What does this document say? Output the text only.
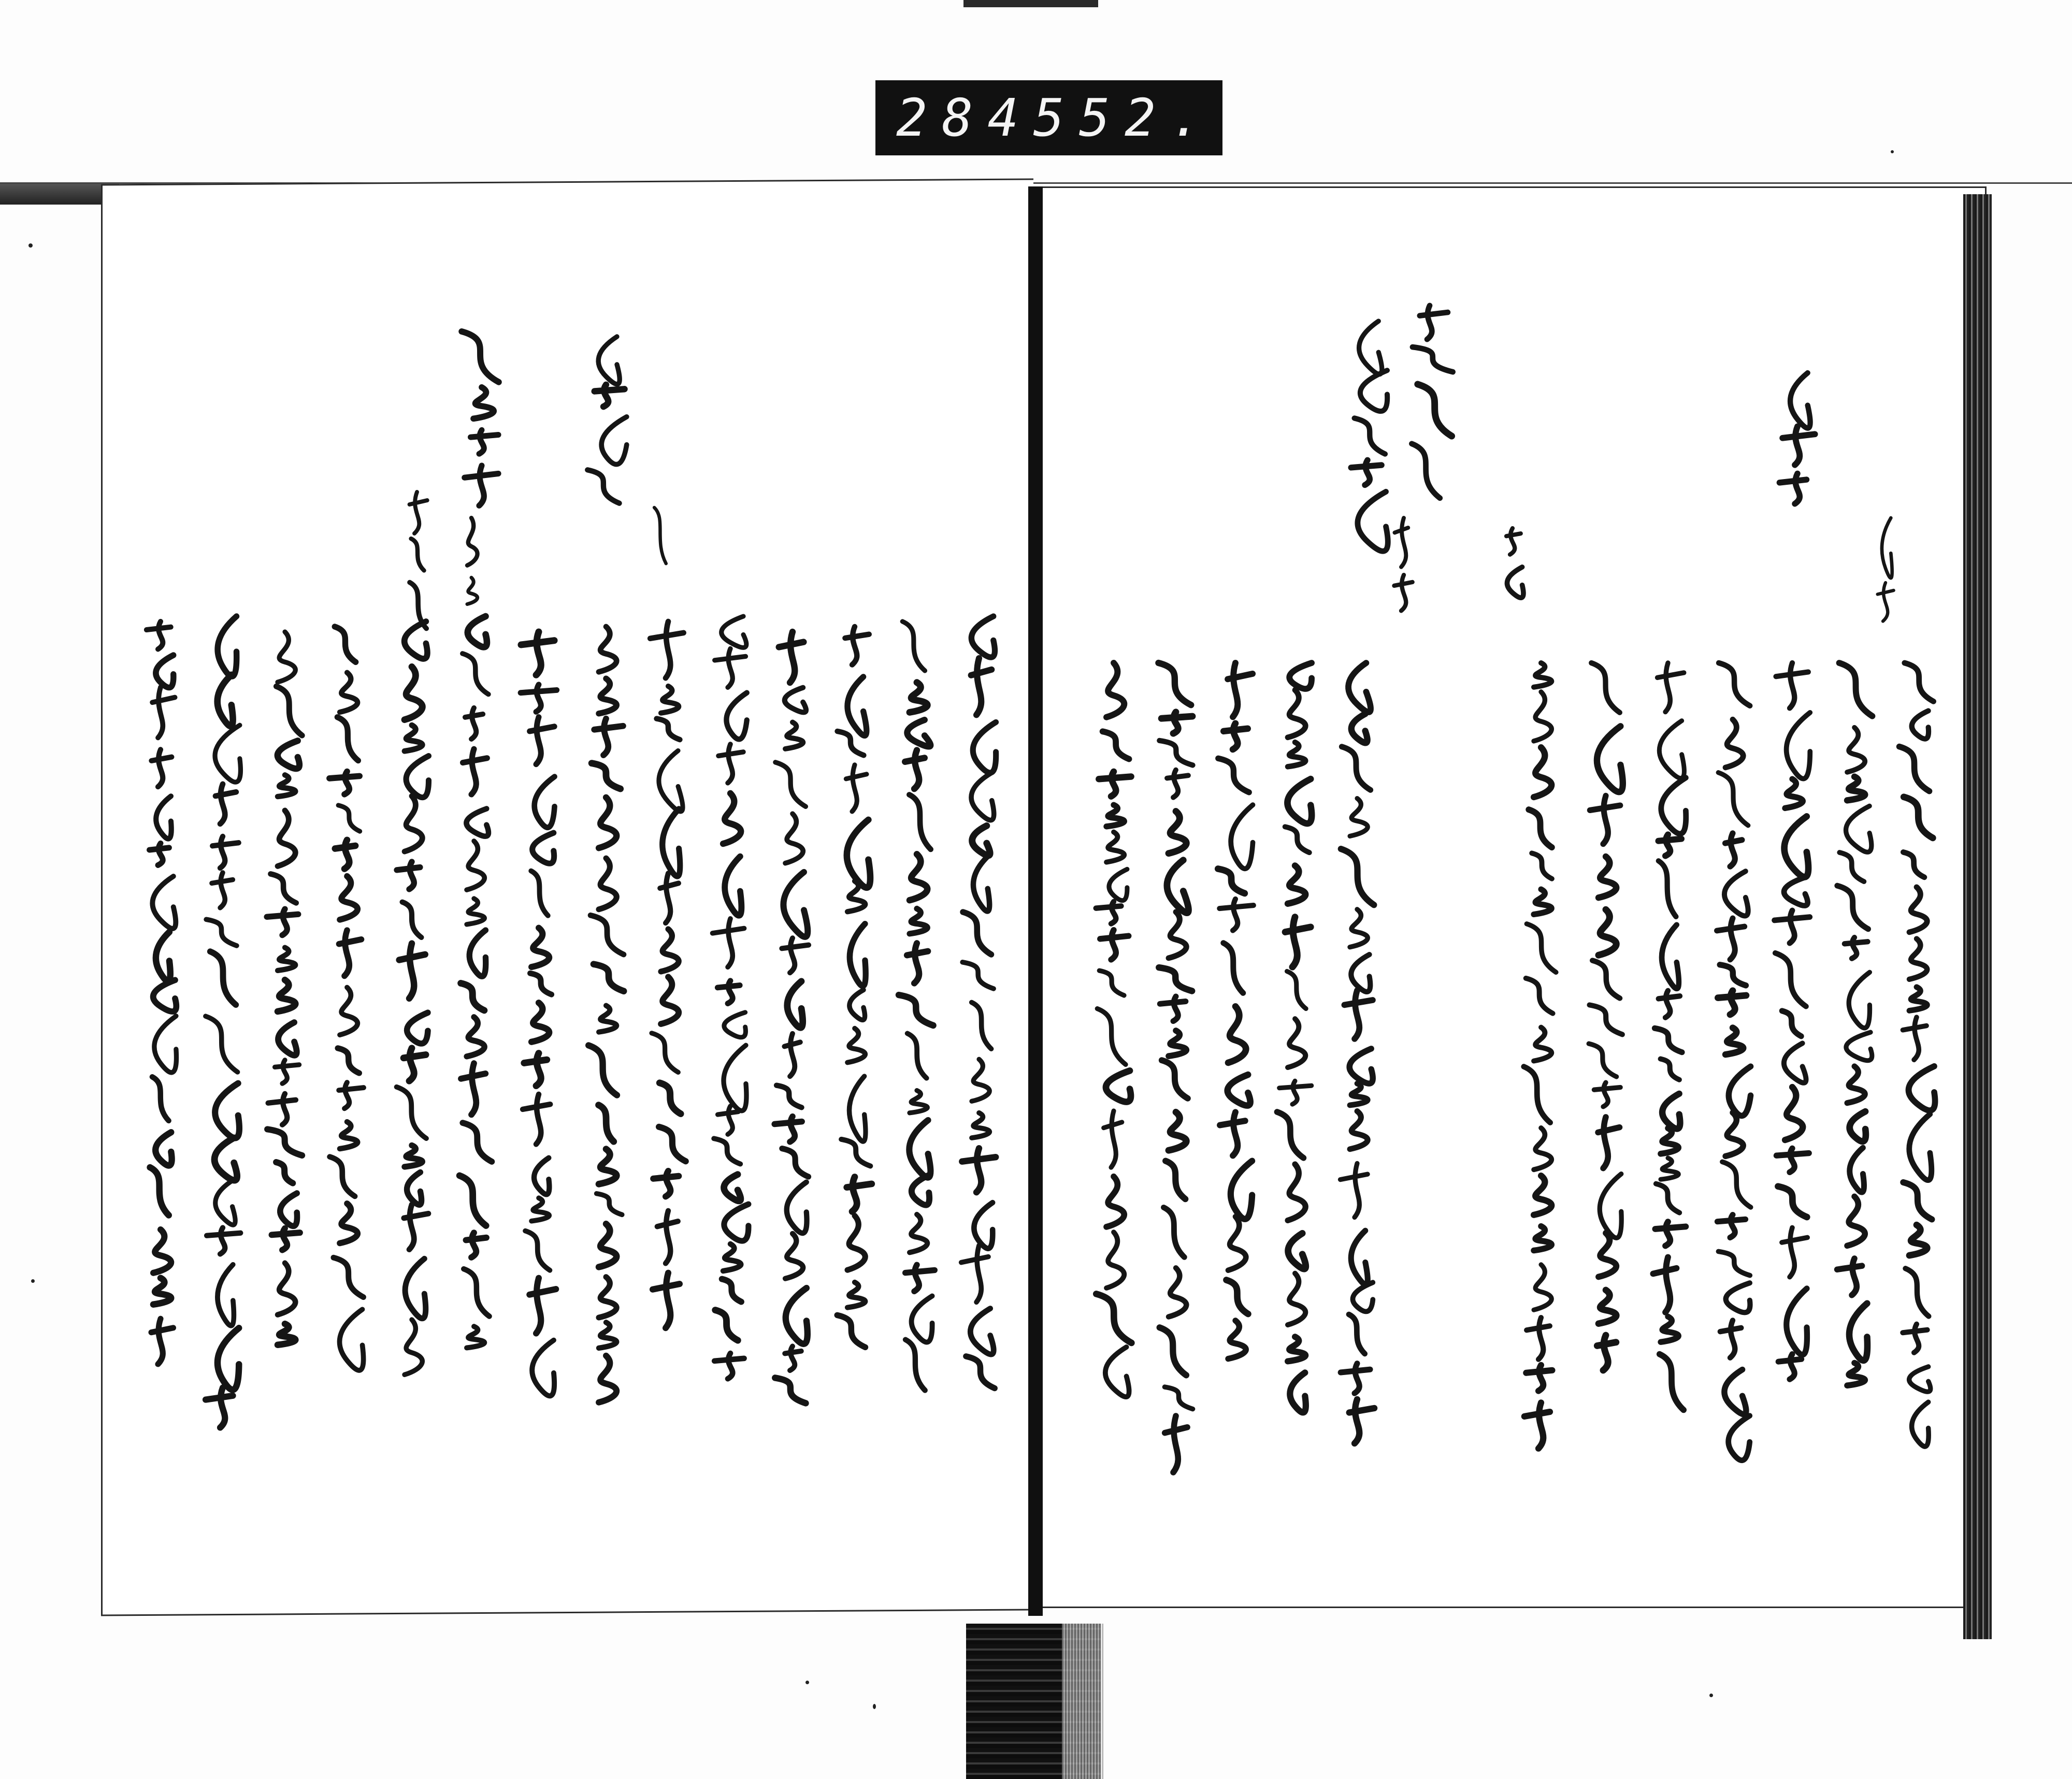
284 552.
